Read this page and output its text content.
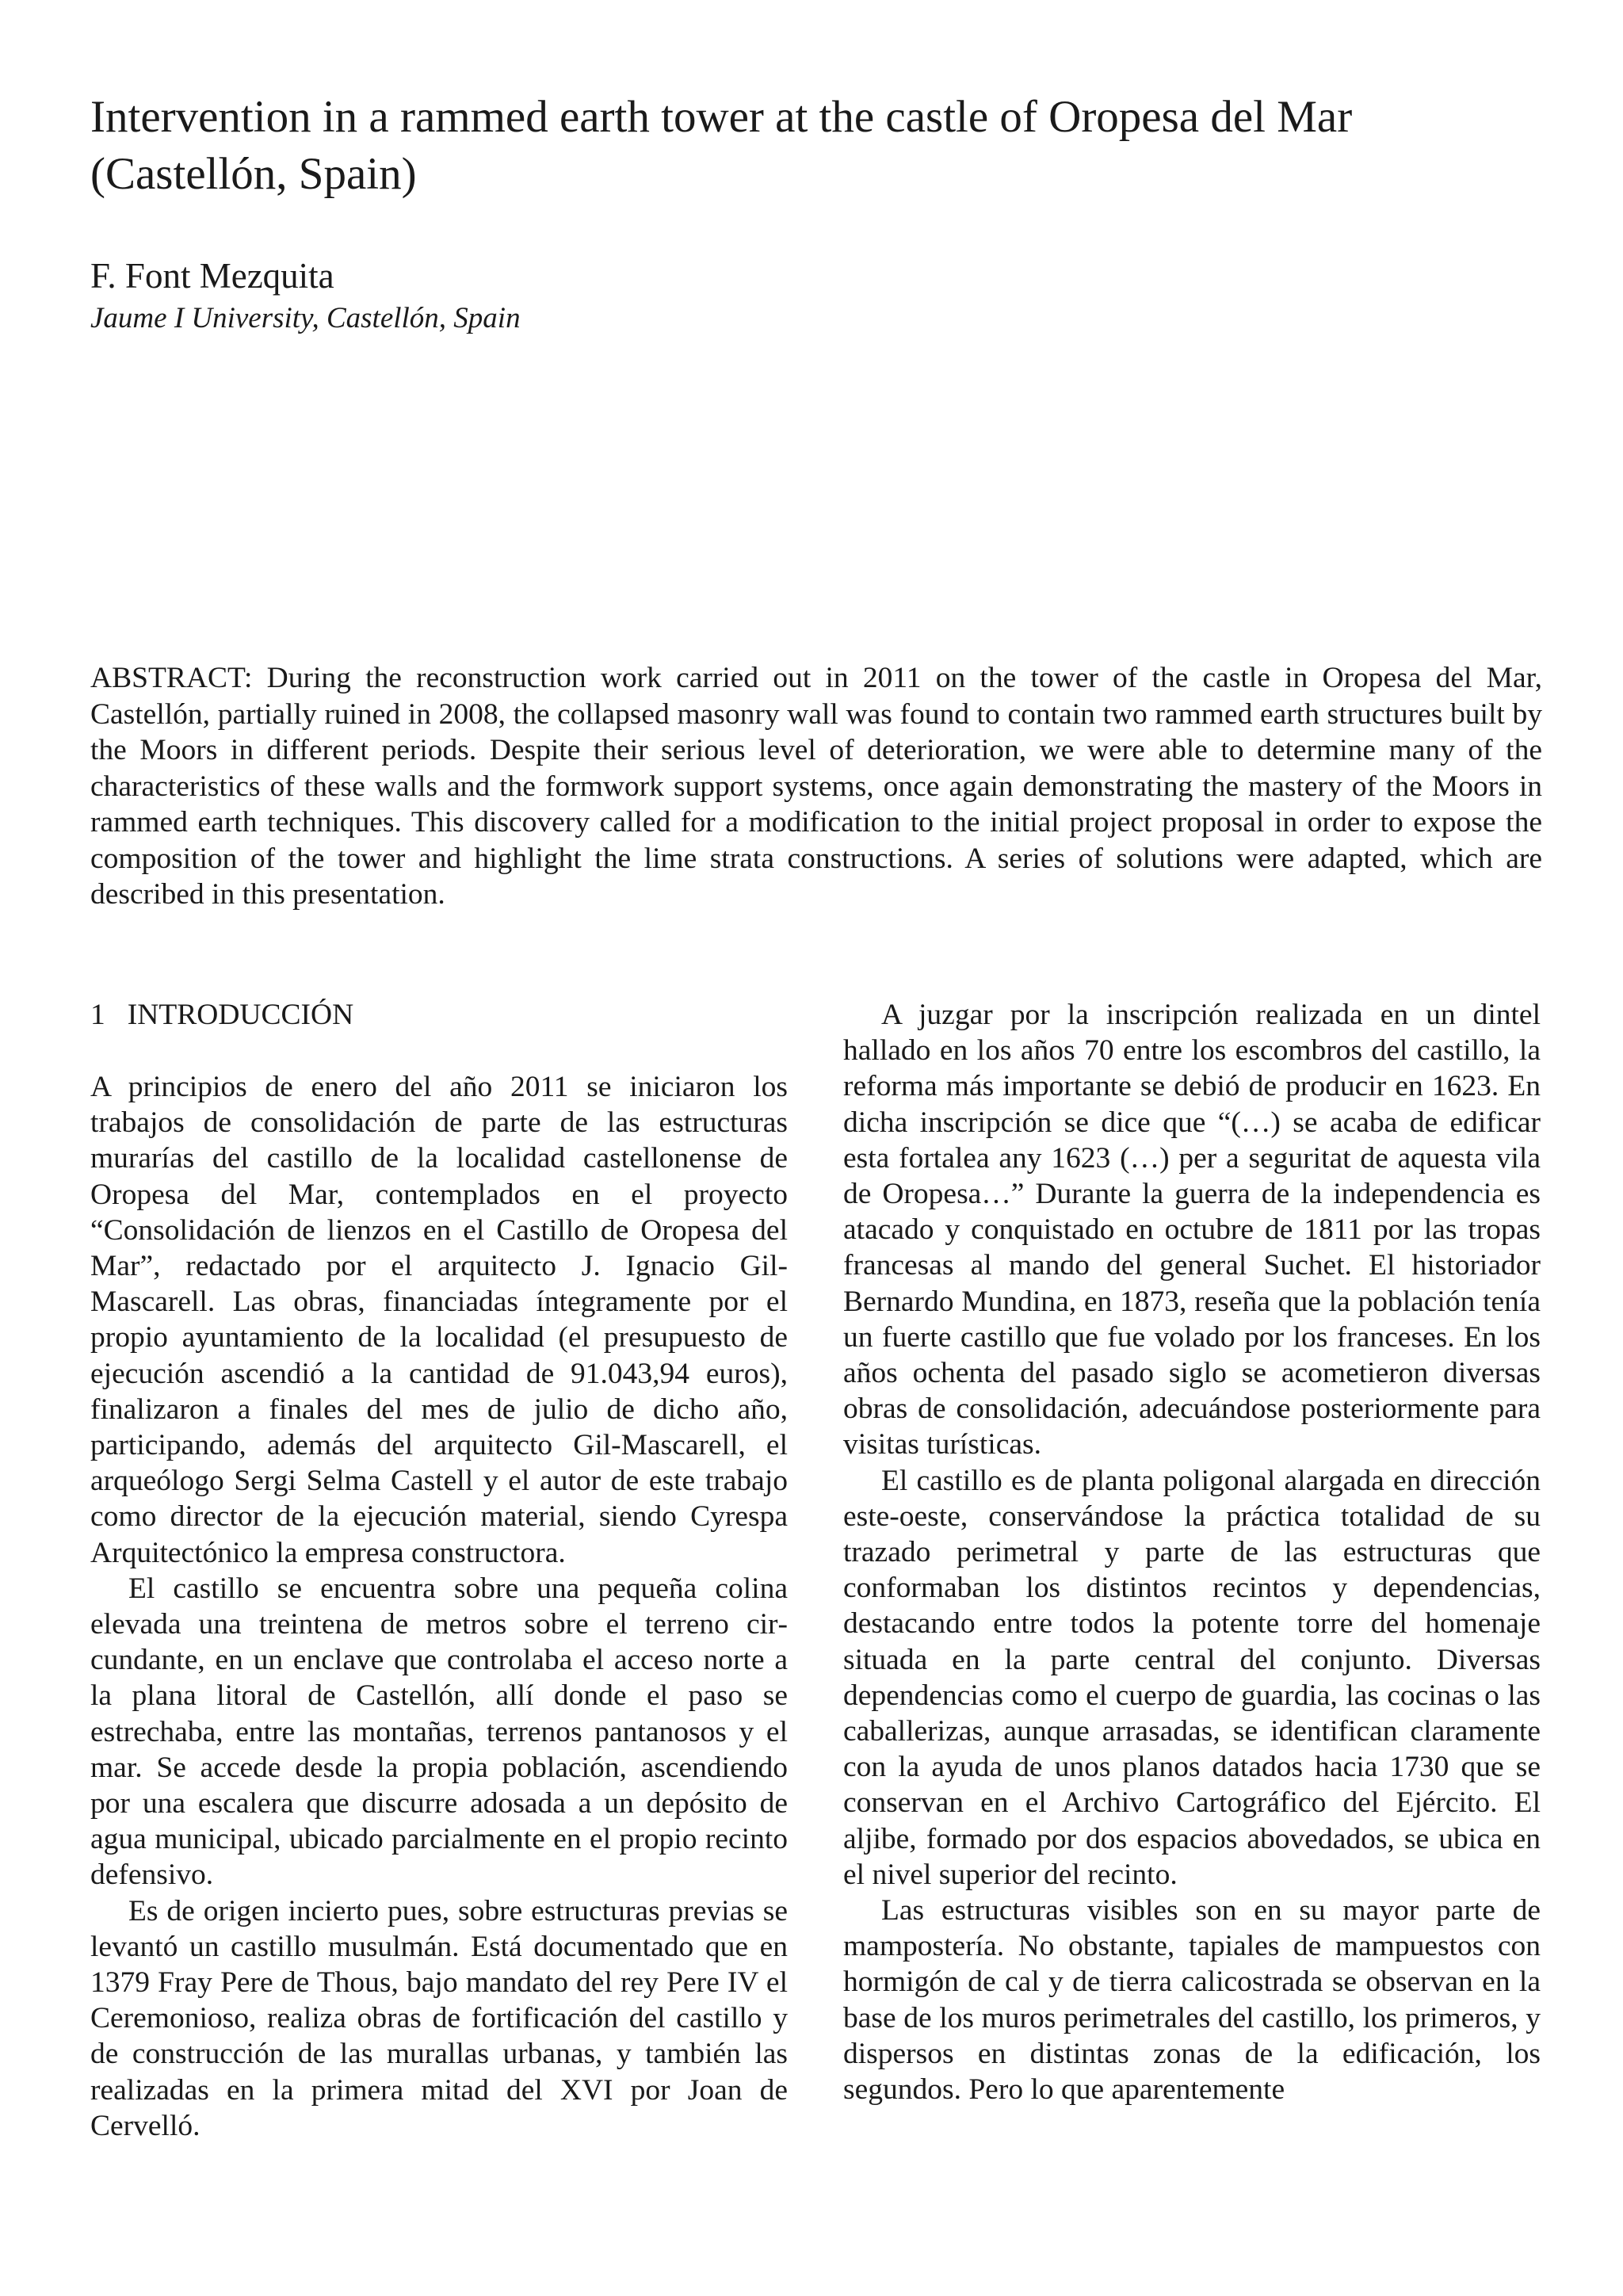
Intervention in a rammed earth tower at the castle of Oropesa del Mar (Castellón, Spain)

F. Font Mezquita

Jaume I University, Castellón, Spain

ABSTRACT: During the reconstruction work carried out in 2011 on the tower of the castle in Oropesa del Mar, Castellón, partially ruined in 2008, the collapsed masonry wall was found to contain two rammed earth structures built by the Moors in different periods. Despite their serious level of deterioration, we were able to determine many of the characteristics of these walls and the formwork support systems, once again demonstrating the mastery of the Moors in rammed earth techniques. This discovery called for a modification to the initial project proposal in order to expose the composition of the tower and highlight the lime strata constructions. A series of solutions were adapted, which are described in this presentation.

1 INTRODUCCIÓN

A principios de enero del año 2011 se iniciaron los trabajos de consolidación de parte de las estructuras murarías del castillo de la localidad castellonense de Oropesa del Mar, contemplados en el proyecto “Consolidación de lienzos en el Castillo de Oropesa del Mar”, redactado por el arquitecto J. Ignacio Gil-Mascarell. Las obras, financiadas íntegramente por el propio ayuntamiento de la localidad (el presupuesto de ejecución ascendió a la cantidad de 91.043,94 euros), finalizaron a finales del mes de julio de dicho año, participando, además del arquitecto Gil-Mascarell, el arqueólogo Sergi Selma Castell y el autor de este trabajo como director de la ejecución material, siendo Cyrespa Arquitectónico la empresa constructora.

El castillo se encuentra sobre una pequeña colina elevada una treintena de metros sobre el terreno circundante, en un enclave que controlaba el acceso norte a la plana litoral de Castellón, allí donde el paso se estrechaba, entre las montañas, terrenos pantanosos y el mar. Se accede desde la propia población, ascendiendo por una escalera que discurre adosada a un depósito de agua municipal, ubicado parcialmente en el propio recinto defensivo.

Es de origen incierto pues, sobre estructuras previas se levantó un castillo musulmán. Está documentado que en 1379 Fray Pere de Thous, bajo mandato del rey Pere IV el Ceremonioso, realiza obras de fortificación del castillo y de construcción de las murallas urbanas, y también las realizadas en la primera mitad del XVI por Joan de Cervelló.

A juzgar por la inscripción realizada en un dintel hallado en los años 70 entre los escombros del castillo, la reforma más importante se debió de producir en 1623. En dicha inscripción se dice que “(…) se acaba de edificar esta fortalea any 1623 (…) per a seguritat de aquesta vila de Oropesa…” Durante la guerra de la independencia es atacado y conquistado en octubre de 1811 por las tropas francesas al mando del general Suchet. El historiador Bernardo Mundina, en 1873, reseña que la población tenía un fuerte castillo que fue volado por los franceses. En los años ochenta del pasado siglo se acometieron diversas obras de consolidación, adecuándose posteriormente para visitas turísticas.

El castillo es de planta poligonal alargada en dirección este-oeste, conservándose la práctica totalidad de su trazado perimetral y parte de las estructuras que conformaban los distintos recintos y dependencias, destacando entre todos la potente torre del homenaje situada en la parte central del conjunto. Diversas dependencias como el cuerpo de guardia, las cocinas o las caballerizas, aunque arrasadas, se identifican claramente con la ayuda de unos planos datados hacia 1730 que se conservan en el Archivo Cartográfico del Ejército. El aljibe, formado por dos espacios abovedados, se ubica en el nivel superior del recinto.

Las estructuras visibles son en su mayor parte de mampostería. No obstante, tapiales de mampuestos con hormigón de cal y de tierra calicostrada se observan en la base de los muros perimetrales del castillo, los primeros, y dispersos en distintas zonas de la edificación, los segundos. Pero lo que aparentemente
